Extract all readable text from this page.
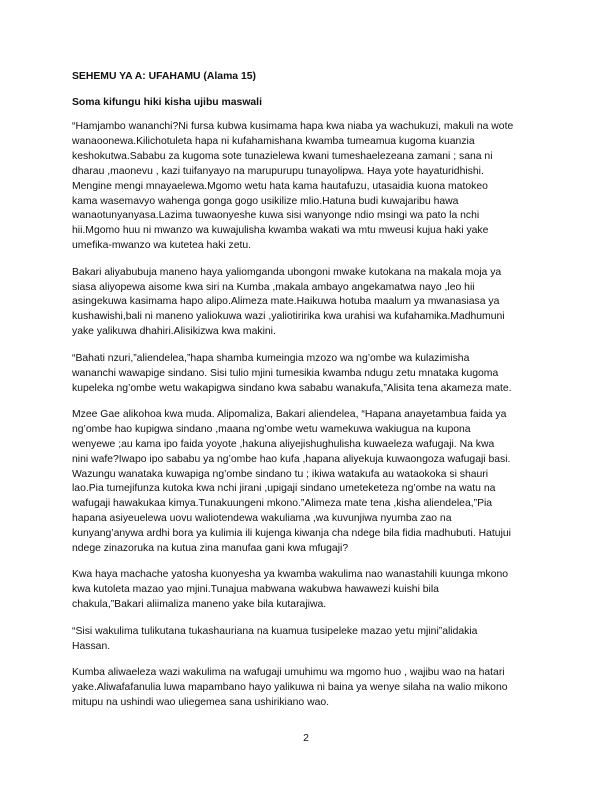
SEHEMU YA A: UFAHAMU (Alama 15)
Soma kifungu hiki kisha ujibu maswali
“Hamjambo wananchi?Ni fursa kubwa kusimama hapa kwa niaba ya wachukuzi, makuli na wote
wanaoonewa.Kilichotuleta hapa ni kufahamishana kwamba tumeamua kugoma kuanzia
keshokutwa.Sababu za kugoma sote tunazielewa kwani tumeshaelezeana zamani ; sana ni
dharau ,maonevu , kazi tuifanyayo na marupurupu tunayolipwa. Haya yote hayaturidhishi.
Mengine mengi mnayaelewa.Mgomo wetu hata kama hautafuzu, utasaidia kuona matokeo
kama wasemavyo wahenga gonga gogo usikilize mlio.Hatuna budi kuwajaribu hawa
wanaotunyanyasa.Lazima tuwaonyeshe kuwa sisi wanyonge ndio msingi wa pato la nchi
hii.Mgomo huu ni mwanzo wa kuwajulisha kwamba wakati wa mtu mweusi kujua haki yake
umefika-mwanzo wa kutetea haki zetu.
Bakari aliyabubuja maneno haya yaliomganda ubongoni mwake kutokana na makala moja ya
siasa aliyopewa aisome kwa siri na Kumba ,makala ambayo angekamatwa nayo ,leo hii
asingekuwa kasimama hapo alipo.Alimeza mate.Haikuwa hotuba maalum ya mwanasiasa ya
kushawishi,bali ni maneno yaliokuwa wazi ,yaliotiririka kwa urahisi wa kufahamika.Madhumuni
yake yalikuwa dhahiri.Alisikizwa kwa makini.
“Bahati nzuri,”aliendelea,”hapa shamba kumeingia mzozo wa ng’ombe wa kulazimisha
wananchi wawapige sindano. Sisi tulio mjini tumesikia kwamba ndugu zetu mnataka kugoma
kupeleka ng’ombe wetu wakapigwa sindano kwa sababu wanakufa,”Alisita tena akameza mate.
Mzee Gae alikohoa kwa muda. Alipomaliza, Bakari aliendelea, “Hapana anayetambua faida ya
ng’ombe hao kupigwa sindano ,maana ng’ombe wetu wamekuwa wakiugua na kupona
wenyewe ;au kama ipo faida yoyote ,hakuna aliyejishughulisha kuwaeleza wafugaji. Na kwa
nini wafe?Iwapo ipo sababu ya ng’ombe hao kufa ,hapana aliyekuja kuwaongoza wafugaji basi.
Wazungu wanataka kuwapiga ng’ombe sindano tu ; ikiwa watakufa au wataokoka si shauri
lao.Pia tumejifunza kutoka kwa nchi jirani ,upigaji sindano umeteketeza ng’ombe na watu na
wafugaji hawakukaa kimya.Tunakuungeni mkono.”Alimeza mate tena ,kisha aliendelea,”Pia
hapana asiyeuelewa uovu waliotendewa wakuliama ,wa kuvunjiwa nyumba zao na
kunyang’anywa ardhi bora ya kulimia ili kujenga kiwanja cha ndege bila fidia madhubuti. Hatujui
ndege zinazoruka na kutua zina manufaa gani kwa mfugaji?
Kwa haya machache yatosha kuonyesha ya kwamba wakulima nao wanastahili kuunga mkono
kwa kutoleta mazao yao mjini.Tunajua mabwana wakubwa hawawezi kuishi bila
chakula,”Bakari aliimaliza maneno yake bila kutarajiwa.
“Sisi wakulima tulikutana tukashauriana na kuamua tusipeleke mazao yetu mjini”alidakia
Hassan.
Kumba aliwaeleza wazi wakulima na wafugaji umuhimu wa mgomo huo , wajibu wao na hatari
yake.Aliwafafanulia luwa mapambano hayo yalikuwa ni baina ya wenye silaha na walio mikono
mitupu na ushindi wao uliegemea sana ushirikiano wao.
2
